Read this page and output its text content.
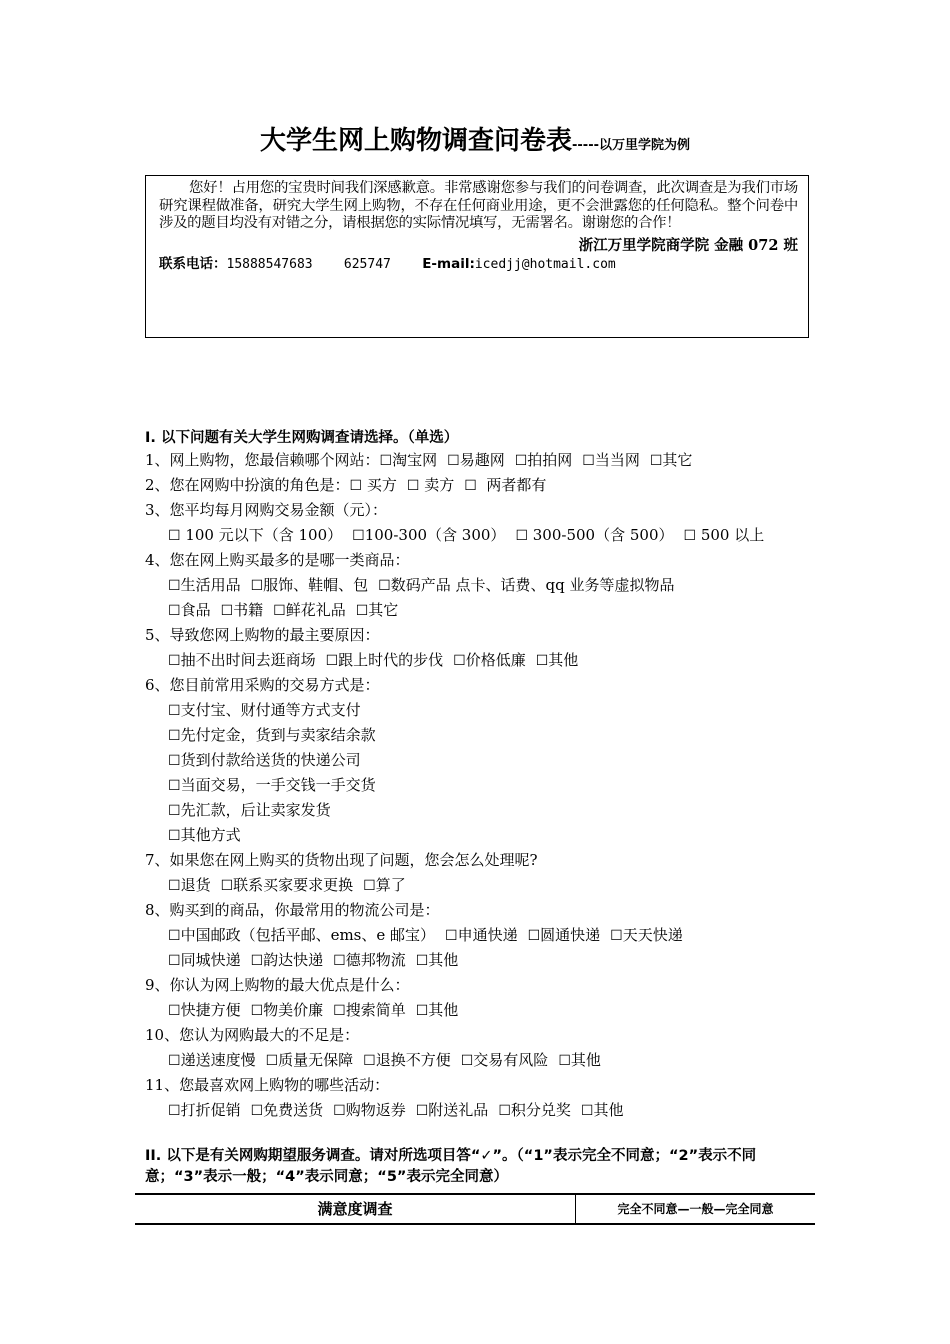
大学生网上购物调查问卷表-----以万里学院为例

您好！占用您的宝贵时间我们深感歉意。非常感谢您参与我们的问卷调查，此次调查是为我们市场研究课程做准备，研究大学生网上购物，不存在任何商业用途，更不会泄露您的任何隐私。整个问卷中涉及的题目均没有对错之分，请根据您的实际情况填写，无需署名。谢谢您的合作！

浙江万里学院商学院 金融 072 班
联系电话：15888547683    625747 E-mail:icedjj@hotmail.com
I. 以下问题有关大学生网购调查请选择。（单选）
1、网上购物，您最信赖哪个网站：☐淘宝网 ☐易趣网 ☐拍拍网 ☐当当网 ☐其它
2、您在网购中扮演的角色是：☐ 买方 ☐ 卖方 ☐  两者都有
3、您平均每月网购交易金额（元）：
☐ 100 元以下（含 100） ☐100-300（含 300） ☐ 300-500（含 500） ☐ 500 以上
4、您在网上购买最多的是哪一类商品：
☐生活用品 ☐服饰、鞋帽、包 ☐数码产品 点卡、话费、qq 业务等虚拟物品
☐食品 ☐书籍 ☐鲜花礼品 ☐其它
5、导致您网上购物的最主要原因：
☐抽不出时间去逛商场 ☐跟上时代的步伐 ☐价格低廉 ☐其他
6、您目前常用采购的交易方式是：
☐支付宝、财付通等方式支付
☐先付定金，货到与卖家结余款
☐货到付款给送货的快递公司
☐当面交易，一手交钱一手交货
☐先汇款，后让卖家发货
☐其他方式
7、如果您在网上购买的货物出现了问题，您会怎么处理呢?
☐退货 ☐联系买家要求更换 ☐算了
8、购买到的商品，你最常用的物流公司是：
☐中国邮政（包括平邮、ems、e 邮宝） ☐申通快递 ☐圆通快递 ☐天天快递
☐同城快递 ☐韵达快递 ☐德邦物流 ☐其他
9、你认为网上购物的最大优点是什么：
☐快捷方便 ☐物美价廉 ☐搜索简单 ☐其他
10、您认为网购最大的不足是：
☐递送速度慢 ☐质量无保障 ☐退换不方便 ☐交易有风险 ☐其他
11、您最喜欢网上购物的哪些活动：
☐打折促销 ☐免费送货 ☐购物返券 ☐附送礼品 ☐积分兑奖 ☐其他
II. 以下是有关网购期望服务调查。请对所选项目答“✓”。（“1”表示完全不同意；“2”表示不同意；“3”表示一般；“4”表示同意；“5”表示完全同意）
满意度调查	完全不同意—一般—完全同意
